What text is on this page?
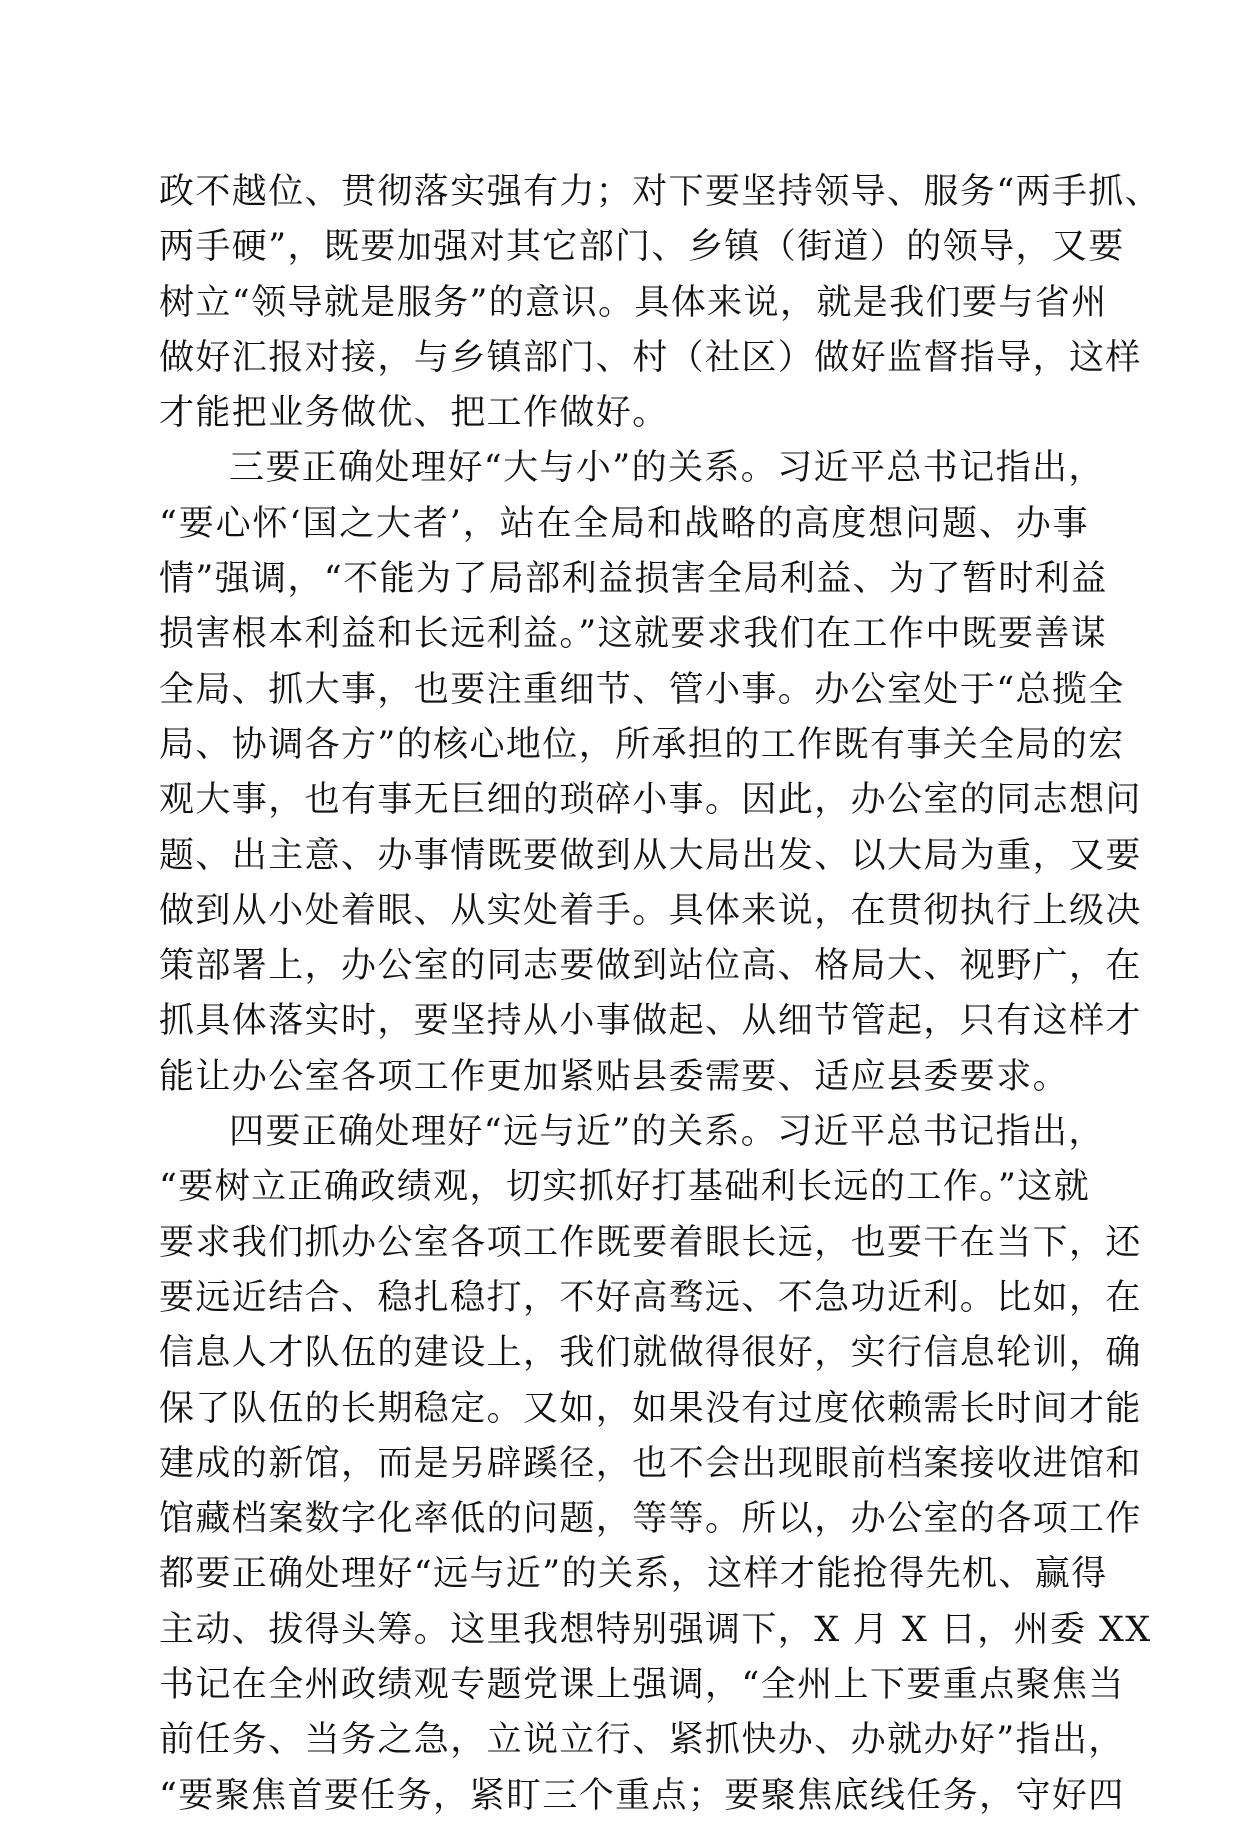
政不越位、贯彻落实强有力；对下要坚持领导、服务“两手抓、
两手硬”，既要加强对其它部门、乡镇（街道）的领导，又要
树立“领导就是服务”的意识。具体来说，就是我们要与省州
做好汇报对接，与乡镇部门、村（社区）做好监督指导，这样
才能把业务做优、把工作做好。
三要正确处理好“大与小”的关系。习近平总书记指出，
“要心怀‘国之大者’，站在全局和战略的高度想问题、办事
情”强调，“不能为了局部利益损害全局利益、为了暂时利益
损害根本利益和长远利益。”这就要求我们在工作中既要善谋
全局、抓大事，也要注重细节、管小事。办公室处于“总揽全
局、协调各方”的核心地位，所承担的工作既有事关全局的宏
观大事，也有事无巨细的琐碎小事。因此，办公室的同志想问
题、出主意、办事情既要做到从大局出发、以大局为重，又要
做到从小处着眼、从实处着手。具体来说，在贯彻执行上级决
策部署上，办公室的同志要做到站位高、格局大、视野广，在
抓具体落实时，要坚持从小事做起、从细节管起，只有这样才
能让办公室各项工作更加紧贴县委需要、适应县委要求。
四要正确处理好“远与近”的关系。习近平总书记指出，
“要树立正确政绩观，切实抓好打基础利长远的工作。”这就
要求我们抓办公室各项工作既要着眼长远，也要干在当下，还
要远近结合、稳扎稳打，不好高骛远、不急功近利。比如，在
信息人才队伍的建设上，我们就做得很好，实行信息轮训，确
保了队伍的长期稳定。又如，如果没有过度依赖需长时间才能
建成的新馆，而是另辟蹊径，也不会出现眼前档案接收进馆和
馆藏档案数字化率低的问题，等等。所以，办公室的各项工作
都要正确处理好“远与近”的关系，这样才能抢得先机、赢得
主动、拔得头筹。这里我想特别强调下，X 月 X 日，州委 XX
书记在全州政绩观专题党课上强调，“全州上下要重点聚焦当
前任务、当务之急，立说立行、紧抓快办、办就办好”指出，
“要聚焦首要任务，紧盯三个重点；要聚焦底线任务，守好四
